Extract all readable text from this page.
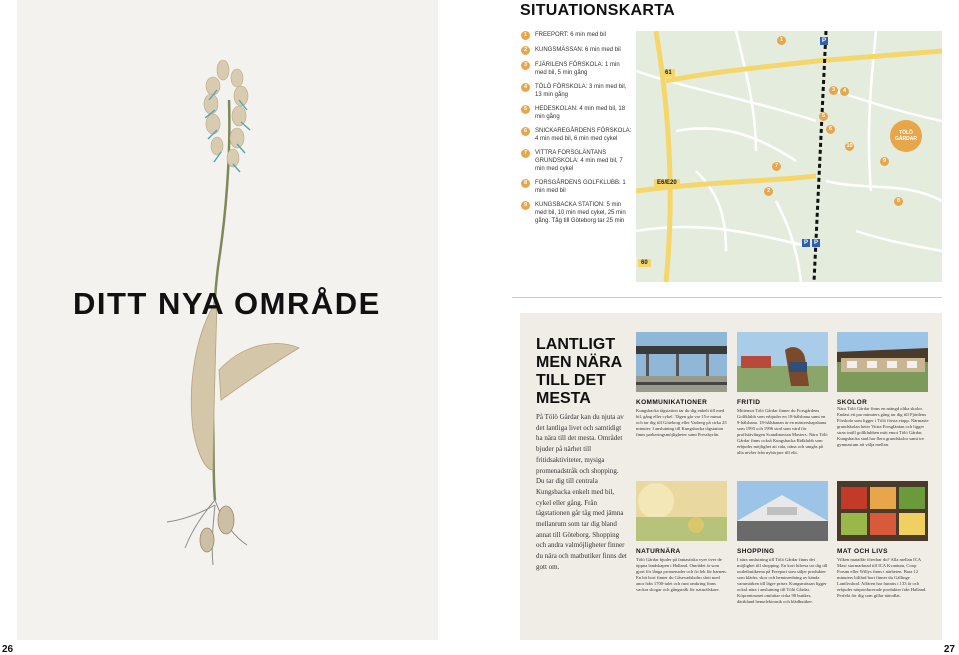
DITT NYA OMRÅDE
26
SITUATIONSKARTA
1	FREEPORT: 6 min med bil
2	KUNGSMÄSSAN: 6 min med bil
3	FJÄRILENS FÖRSKOLA: 1 min med bil, 5 min gång
4	TÖLÖ FÖRSKOLA: 3 min med bil, 13 min gång
5	HEDESKOLAN: 4 min med bil, 18 min gång
6	SNICKAREGÅRDENS FÖRSKOLA: 4 min med bil, 6 min med cykel
7	VITTRA FORSGLÄNTANS GRUNDSKOLA: 4 min med bil, 7 min med cykel
8	FORSGÅRDENS GOLFKLUBB: 1 min med bil
9	KUNGSBACKA STATION: 5 min med bil, 10 min med cykel, 25 min gång. Tåg till Göteborg tar 25 min
61
E6/E20
60
TÖLÖ GÅRDAR
P
P P
1
2
3	4
5
6
7
8
9
10
LANTLIGT MEN NÄRA TILL DET MESTA
På Tölö Gårdar kan du njuta av det lantliga livet och samtidigt ha nära till det mesta. Området bjuder på närhet till fritidsaktiviteter, mysiga promenadstråk och shopping. Du tar dig till centrala Kungsbacka enkelt med bil, cykel eller gång. Från tågstationen går tåg med jämna mellanrum som tar dig bland annat till Göteborg. Shopping och andra valmöjligheter finner du nära och matbutiker finns det gott om.
KOMMUNIKATIONER
Kungsbacka tågstation tar du dig enkelt till med bil, gång eller cykel. Tågen går var 15:e minut och tar dig till Göteborg eller Varberg på cirka 25 minuter. I anslutning till Kungsbacka tågstation finns parkeringsmöjligheter samt Pressbyrån.
FRITID
Mittemot Tölö Gårdar finner du Forsgårdens Golfklubb som erbjuder en 18-hålsbana samt en 9-hålsbana. 18-hålsbanan är en mästerskapsbana som 1993 och 1996 stod som värd för proffstävlingen Scandinavian Masters. Nära Tölö Gårdar finns också Kungsbacka Ridklubb som erbjuder möjlighet att rida, träna och umgås på alla nivåer från nybörjare till elit.
SKOLOR
Nära Tölö Gårdar finns en mängd olika skolor. Endast ett par minuters gång tar dig till Fjärilens Förskola som ligger i Tölö första etapp. Närmaste grundskolan heter Vittra Forsgläntan och ligger strax intill golfklubben mitt emot Tölö Gårdar. Kungsbacka stad har flera grundskolor samt tre gymnasium att välja mellan.
NATURNÄRA
Tölö Gårdar bjuder på fantastiska vyer över de öppna landskapen i Halland. Området är som gjort för långa promenader och fri lek för barnen. En bit bort finner du Gåsevadsholm slott med anor från 1700-talet och runt omkring finns vackra skogar och gångstråk för naturälskare.
SHOPPING
I nära anslutning till Tölö Gårdar finns det möjlighet till shopping. En kort bilresa tar dig till outletbutikerna på Freeport som säljer produkter som kläder, skor och heminredning av kända varumärken till lägre priser. Kungsmässan ligger också nära i anslutning till Tölö Gårdar. Köpcentrumet omfattar cirka 90 butiker, däribland hemelektronik och klädbutiker.
MAT OCH LIVS
Vilken mataffär föredrar du? Alla mellan ICA Maxi stormarknad till ICA Kvantum, Coop Forum eller Willys finns i närheten. Bara 12 minuters bilfärd bort finner du Gällinge Lantlivsbod. Affären har funnits i 133 år och erbjuder närproducerade produkter från Halland. Perfekt för dig som gillar närodlat.
27
